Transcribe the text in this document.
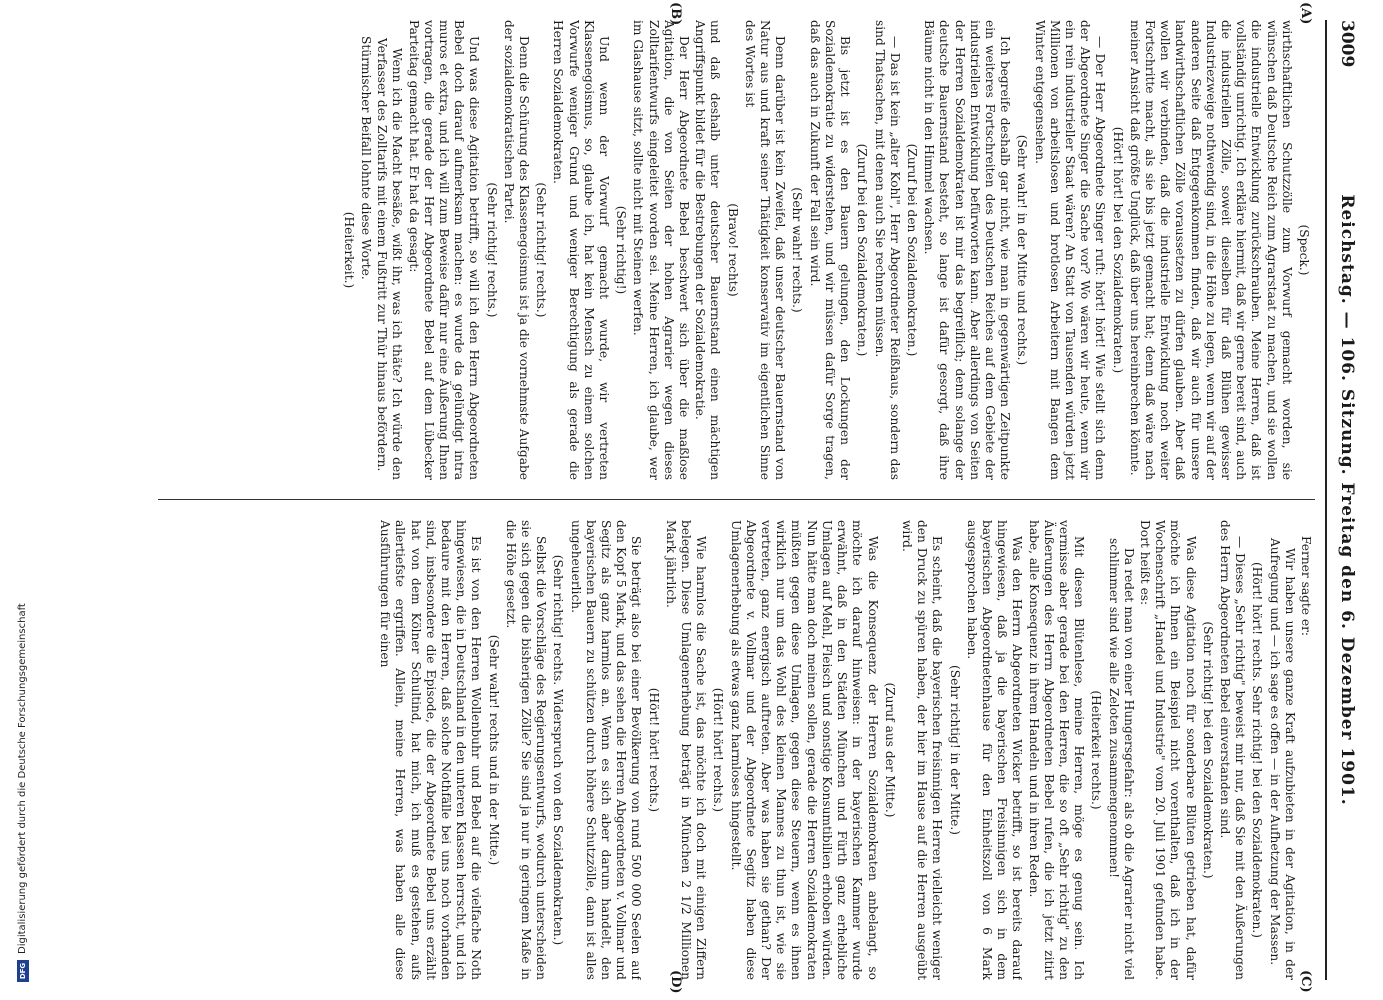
3009
Reichstag. — 106. Sitzung. Freitag den 6. Dezember 1901.
(A)
(B)
(C)
(D)

(Speck.)

wirthschaftlichen Schutzzölle zum Vorwurf gemacht worden, sie wünschen daß Deutsche Reich zum Agrarstaat zu machen, und sie wollen die industrielle Entwicklung zurückschrauben. Meine Herren, daß ist vollständig unrichtig. Ich erkläre hiermit, daß wir gerne bereit sind, auch die industriellen Zölle, soweit dieselben für daß Blühen gewisser Industriezweige nothwendig sind, in die Höhe zu legen, wenn wir auf der anderen Seite daß Entgegenkommen finden, daß wir auch für unsere landwirthschaftlichen Zölle voraussetzen zu dürfen glauben. Aber daß wollen wir verbinden, daß die industrielle Entwicklung noch weiter Fortschritte macht, als sie bis jetzt gemacht hat; denn daß wäre nach meiner Ansicht daß größte Unglück, daß über uns hereinbrechen könnte.

(Hört! hört! bei den Sozialdemokraten.)

— Der Herr Abgeordnete Singer ruft: hört! hört! Wie stellt sich denn der Abgeordnete Singer die Sache vor? Wo wären wir heute, wenn wir ein rein industrieller Staat wären? An Statt von Tausenden würden jetzt Millionen von arbeitslosen und brotlosen Arbeitern mit Bangen dem Winter entgegensehen.

(Sehr wahr! in der Mitte und rechts.)

Ich begreife deshalb gar nicht, wie man in gegenwärtigen Zeitpunkte ein weiteres Fortschreiten des Deutschen Reiches auf dem Gebiete der industriellen Entwicklung befürworten kann. Aber allerdings von Seiten der Herren Sozialdemokraten ist mir das begreiflich; denn solange der deutsche Bauernstand besteht, so lange ist dafür gesorgt, daß ihre Bäume nicht in den Himmel wachsen.

(Zuruf bei den Sozialdemokraten.)

— Das ist kein „alter Kohl", Herr Abgeordneter Reißhaus, sondern das sind Thatsachen, mit denen auch Sie rechnen müssen.

(Zuruf bei den Sozialdemokraten.)

Bis jetzt ist es den Bauern gelungen, den Lockungen der Sozialdemokratie zu widerstehen, und wir müssen dafür Sorge tragen, daß das auch in Zukunft der Fall sein wird.

(Sehr wahr! rechts.)

Denn darüber ist kein Zweifel, daß unser deutscher Bauernstand von Natur aus und kraft seiner Thätigkeit konservativ im eigentlichen Sinne des Wortes ist

(Bravo! rechts)

und daß deshalb unter deutscher Bauernstand einen mächtigen Angriffspunkt bildet für die Bestrebungen der Sozialdemokratie.

Der Herr Abgeordnete Bebel beschwert sich über die maßlose Agitation, die von Seiten der hohen Agrarier wegen dieses Zolltarifentwurfs eingeleitet worden sei. Meine Herren, ich glaube, wer im Glashause sitzt, sollte nicht mit Steinen werfen.

(Sehr richtig!)

Und wenn der Vorwurf gemacht wurde, wir vertreten Klassenegoismus, so, glaube ich, hat kein Mensch zu einem solchen Vorwurfe weniger Grund und weniger Berechtigung als gerade die Herren Sozialdemokraten.

(Sehr richtig! rechts.)

Denn die Schürung des Klassenegoismus ist ja die vornehmste Aufgabe der sozialdemokratischen Partei.

(Sehr richtig! rechts.)

Und was diese Agitation betrifft, so will ich den Herrn Abgeordneten Bebel doch darauf aufmerksam machen: es wurde da gelündigt intra muros et extra, und ich will zum Beweise dafür nur eine Äußerung Ihnen vortragen, die gerade der Herr Abgeordnete Bebel auf dem Lübecker Parteitag gemacht hat. Er hat da gesagt:

Wenn ich die Macht besäße, wißt ihr, was ich thäte? Ich würde den Verfasser des Zolltarifs mit einem Fußtritt zur Thür hinaus befördern.

Stürmischer Beifall lohnte diese Worte.

(Heiterkeit.)

Ferner sagte er:

Wir haben unsere ganze Kraft aufzubieten in der Agitation, in der Aufregung und — ich sage es offen — in der Aufhetzung der Massen.

(Hört! hört! rechts. Sehr richtig! bei den Sozialdemokraten.)

— Dieses „Sehr richtig" beweist mir nur, daß Sie mit den Äußerungen des Herrn Abgeordneten Bebel einverstanden sind.

(Sehr richtig! bei den Sozialdemokraten.)

Was diese Agitation noch für sonderbare Blüten getrieben hat, dafür möchte ich Ihnen ein Beispiel nicht vorenthalten, daß ich in der Wochenschrift „Handel und Industrie" vom 20. Juli 1901 gefunden habe. Dort heißt es:

Da redet man von einer Hungersgefahr: als ob die Agrarier nicht viel schlimmer sind wie alle Zeloten zusammengenommen!

(Heiterkeit rechts.)

Mit diesen Blütenlese, meine Herren, möge es genug sein. Ich vermisse aber gerade bei den Herren, die so oft „Sehr richtig" zu den Äußerungen des Herrn Abgeordneten Bebel rufen, die ich jetzt zitirt habe, alle Konsequenz in ihrem Handeln und in ihren Reden.

Was den Herrn Abgeordneten Wicker betrifft, so ist bereits darauf hingewiesen, daß ja die bayerischen Freisinnigen sich in dem bayerischen Abgeordnetenhause für den Einheitszoll von 6 Mark ausgesprochen haben.

(Sehr richtig! in der Mitte.)

Es scheint, daß die bayerischen freisinnigen Herren vielleicht weniger den Druck zu spüren haben, der hier im Hause auf die Herren ausgeübt wird.

(Zuruf aus der Mitte.)

Was die Konsequenz der Herren Sozialdemokraten anbelangt, so möchte ich darauf hinweisen: in der bayerischen Kammer wurde erwähnt, daß in den Städten München und Fürth ganz erhebliche Umlagen auf Mehl, Fleisch und sonstige Konsumtibilien erhoben würden. Nun hätte man doch meinen sollen, gerade die Herren Sozialdemokraten müßten gegen diese Umlagen, gegen diese Steuern, wenn es ihnen wirklich nur um das Wohl des kleinen Mannes zu thun ist, wie sie vertreten, ganz energisch auftreten. Aber was haben sie gethan? Der Abgeordnete v. Vollmar und der Abgeordnete Segitz haben diese Umlagenerhebung als etwas ganz harmloses hingestellt.

(Hört! hört! rechts.)

Wie harmlos die Sache ist, das möchte ich doch mit einigen Ziffern belegen. Diese Umlagenerhebung beträgt in München 2 1/2 Millionen Mark jährlich.

(Hört! hört! rechts.)

Sie beträgt also bei einer Bevölkerung von rund 500 000 Seelen auf den Kopf 5 Mark, und das sehen die Herren Abgeordneten v. Vollmar und Segitz als ganz harmlos an. Wenn es sich aber darum handelt, den bayerischen Bauern zu schützen durch höhere Schutzzölle, dann ist alles ungeheuerlich.

(Sehr richtig! rechts. Widerspruch von den Sozialdemokraten.)

Selbst die Vorschläge des Regierungsentwurfs, wodurch unterscheiden sie sich gegen die bisherigen Zölle? Sie sind ja nur in geringem Maße in die Höhe gesetzt.

(Sehr wahr! rechts und in der Mitte.)

Es ist von den Herren Wollenbuhr und Bebel auf die vielfache Noth hingewiesen, die in Deutschland in den unteren Klassen herrscht, und ich bedaure mit den Herren, daß solche Nothfälle bei uns noch vorhanden sind, insbesondere die Episode, die der Abgeordnete Bebel uns erzählt hat von dem Kölner Schultind, hat mich, ich muß es gestehen, aufs allertiefste ergriffen. Allein, meine Herren, was haben alle diese Ausführungen für einen

DFG
Digitalisierung gefördert durch die Deutsche Forschungsgemeinschaft
